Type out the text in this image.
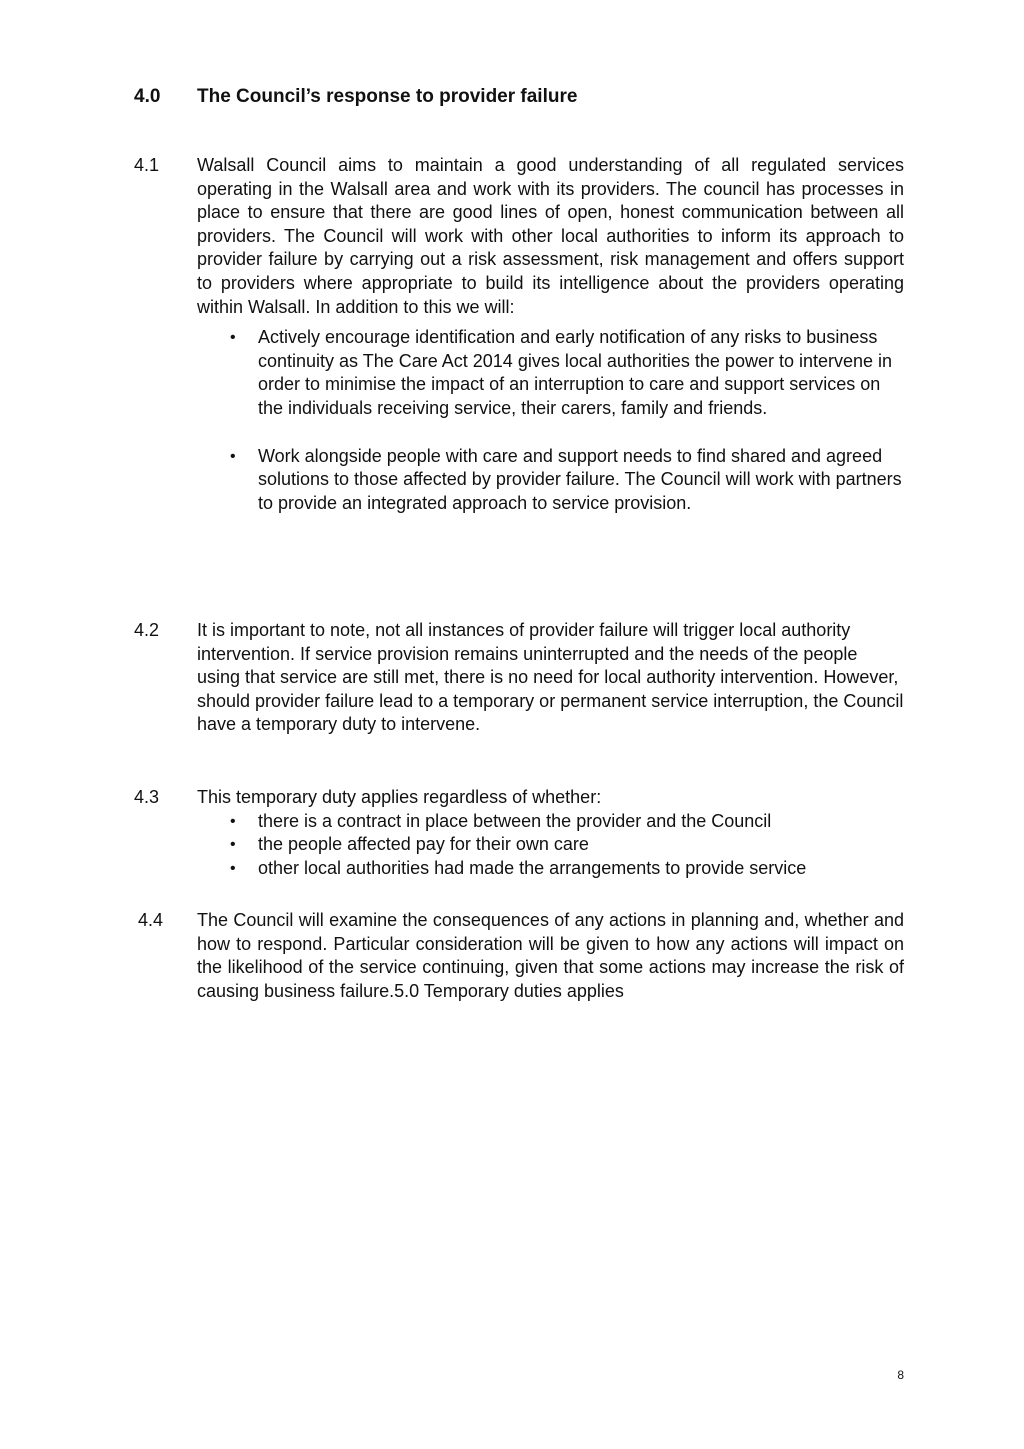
4.0 The Council’s response to provider failure
4.1 Walsall Council aims to maintain a good understanding of all regulated services operating in the Walsall area and work with its providers. The council has processes in place to ensure that there are good lines of open, honest communication between all providers. The Council will work with other local authorities to inform its approach to provider failure by carrying out a risk assessment, risk management and offers support to providers where appropriate to build its intelligence about the providers operating within Walsall. In addition to this we will:
• Actively encourage identification and early notification of any risks to business continuity as The Care Act 2014 gives local authorities the power to intervene in order to minimise the impact of an interruption to care and support services on the individuals receiving service, their carers, family and friends.
• Work alongside people with care and support needs to find shared and agreed solutions to those affected by provider failure. The Council will work with partners to provide an integrated approach to service provision.
4.2 It is important to note, not all instances of provider failure will trigger local authority intervention. If service provision remains uninterrupted and the needs of the people using that service are still met, there is no need for local authority intervention. However, should provider failure lead to a temporary or permanent service interruption, the Council have a temporary duty to intervene.
4.3 This temporary duty applies regardless of whether:
• there is a contract in place between the provider and the Council
• the people affected pay for their own care
• other local authorities had made the arrangements to provide service
4.4 The Council will examine the consequences of any actions in planning and, whether and how to respond. Particular consideration will be given to how any actions will impact on the likelihood of the service continuing, given that some actions may increase the risk of causing business failure.5.0 Temporary duties applies
8
